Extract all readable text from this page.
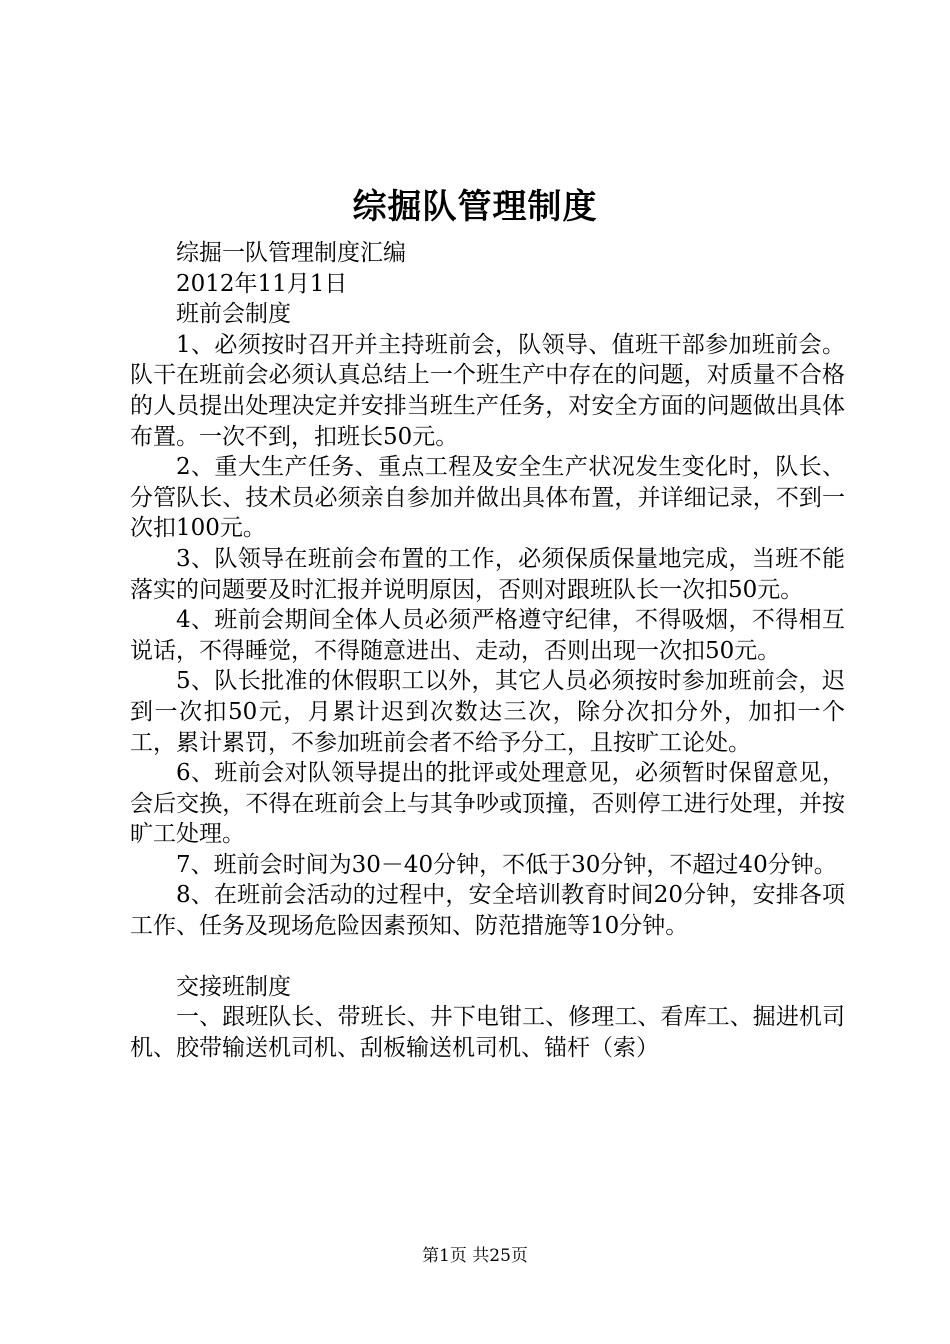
综掘队管理制度

综掘一队管理制度汇编

2012年11月1日

班前会制度

1、必须按时召开并主持班前会，队领导、值班干部参加班前会。队干在班前会必须认真总结上一个班生产中存在的问题，对质量不合格的人员提出处理决定并安排当班生产任务，对安全方面的问题做出具体布置。一次不到，扣班长50元。

2、重大生产任务、重点工程及安全生产状况发生变化时，队长、分管队长、技术员必须亲自参加并做出具体布置，并详细记录，不到一次扣100元。

3、队领导在班前会布置的工作，必须保质保量地完成，当班不能落实的问题要及时汇报并说明原因，否则对跟班队长一次扣50元。

4、班前会期间全体人员必须严格遵守纪律，不得吸烟，不得相互说话，不得睡觉，不得随意进出、走动，否则出现一次扣50元。

5、队长批准的休假职工以外，其它人员必须按时参加班前会，迟到一次扣50元，月累计迟到次数达三次，除分次扣分外，加扣一个工，累计累罚，不参加班前会者不给予分工，且按旷工论处。

6、班前会对队领导提出的批评或处理意见，必须暂时保留意见，会后交换，不得在班前会上与其争吵或顶撞，否则停工进行处理，并按旷工处理。

7、班前会时间为30－40分钟，不低于30分钟，不超过40分钟。

8、在班前会活动的过程中，安全培训教育时间20分钟，安排各项工作、任务及现场危险因素预知、防范措施等10分钟。

交接班制度

一、跟班队长、带班长、井下电钳工、修理工、看库工、掘进机司机、胶带输送机司机、刮板输送机司机、锚杆（索）

第1页 共25页
